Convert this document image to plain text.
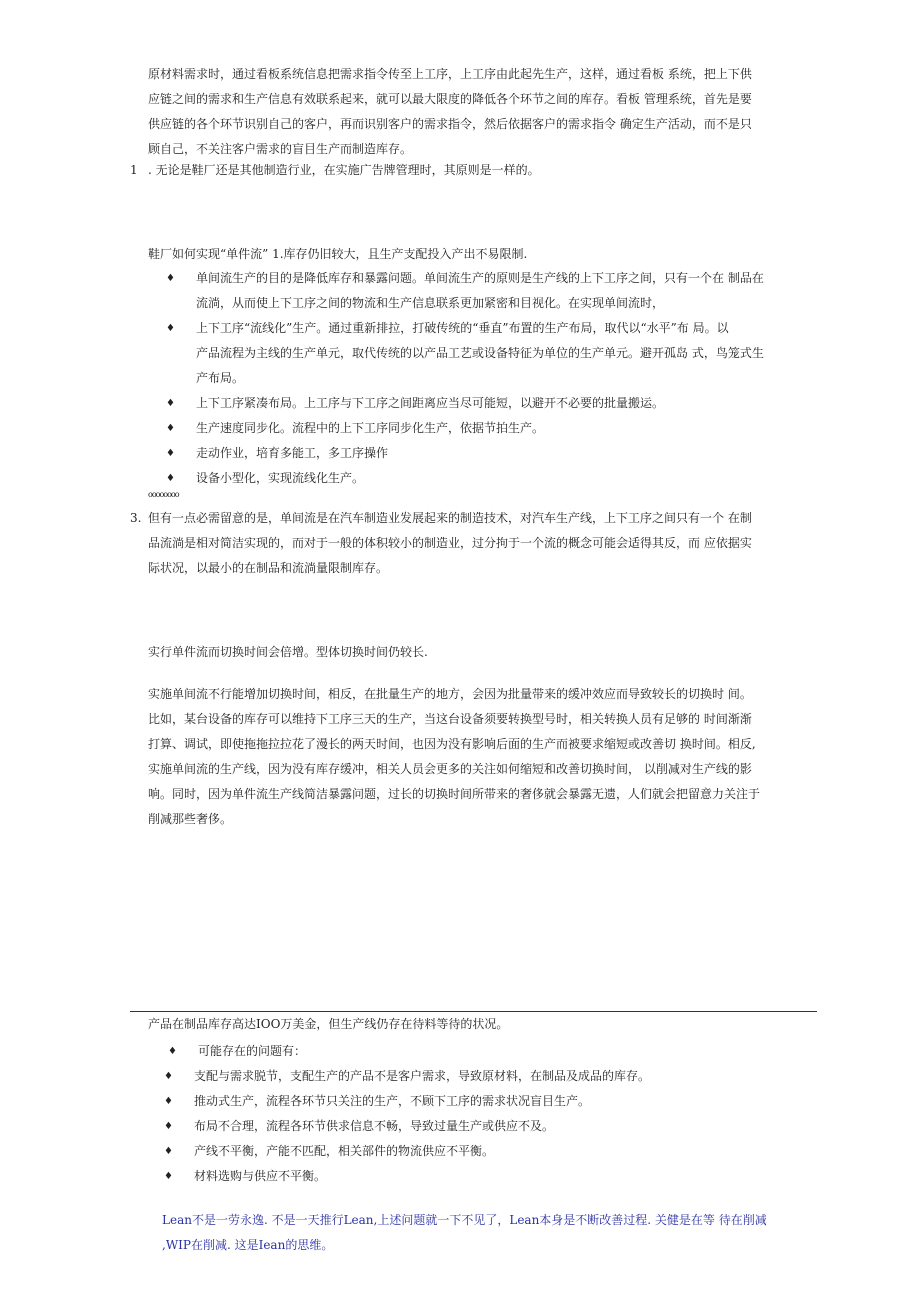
原材料需求时，通过看板系统信息把需求指令传至上工序，上工序由此起先生产，这样，通过看板 系统，把上下供
应链之间的需求和生产信息有效联系起来，就可以最大限度的降低各个环节之间的库存。看板 管理系统，首先是要
供应链的各个环节识别自己的客户，再而识别客户的需求指令，然后依据客户的需求指令 确定生产活动，而不是只
顾自己，不关注客户需求的盲目生产而制造库存。
1 . 无论是鞋厂还是其他制造行业，在实施广告牌管理时，其原则是一样的。
鞋厂如何实现“单件流” 1.库存仍旧较大，且生产支配投入产出不易限制.
♦ 单间流生产的目的是降低库存和暴露问题。单间流生产的原则是生产线的上下工序之间，只有一个在 制品在
流淌，从而使上下工序之间的物流和生产信息联系更加紧密和目视化。在实现单间流时，
♦ 上下工序“流线化”生产。通过重新排拉，打破传统的“垂直”布置的生产布局，取代以“水平”布 局。以
产品流程为主线的生产单元，取代传统的以产品工艺或设备特征为单位的生产单元。避开孤岛 式，鸟笼式生
产布局。
♦ 上下工序紧凑布局。上工序与下工序之间距离应当尽可能短，以避开不必要的批量搬运。
♦ 生产速度同步化。流程中的上下工序同步化生产，依据节拍生产。
♦ 走动作业，培育多能工，多工序操作
♦ 设备小型化，实现流线化生产。
oooooooo
3. 但有一点必需留意的是，单间流是在汽车制造业发展起来的制造技术，对汽车生产线，上下工序之间只有一个 在制
品流淌是相对简洁实现的，而对于一般的体积较小的制造业，过分拘于一个流的概念可能会适得其反，而 应依据实
际状况，以最小的在制品和流淌量限制库存。
实行单件流而切换时间会倍增。型体切换时间仍较长.
实施单间流不行能增加切换时间，相反，在批量生产的地方，会因为批量带来的缓冲效应而导致较长的切换时 间。
比如，某台设备的库存可以维持下工序三天的生产，当这台设备须要转换型号时，相关转换人员有足够的 时间渐渐
打算、调试，即使拖拖拉拉花了漫长的两天时间，也因为没有影响后面的生产而被要求缩短或改善切 换时间。相反,
实施单间流的生产线，因为没有库存缓冲，相关人员会更多的关注如何缩短和改善切换时间， 以削减对生产线的影
响。同时，因为单件流生产线简洁暴露问题，过长的切换时间所带来的奢侈就会暴露无遗，人们就会把留意力关注于
削减那些奢侈。
产品在制品库存高达IOO万美金，但生产线仍存在待料等待的状况。
♦ 可能存在的问题有：
♦ 支配与需求脱节，支配生产的产品不是客户需求，导致原材料，在制品及成品的库存。
♦ 推动式生产，流程各环节只关注的生产，不顾下工序的需求状况盲目生产。
♦ 布局不合理，流程各环节供求信息不畅，导致过量生产或供应不及。
♦ 产线不平衡，产能不匹配，相关部件的物流供应不平衡。
♦ 材料选购与供应不平衡。
Lean不是一劳永逸. 不是一天推行Lean,上述问题就一下不见了，Lean本身是不断改善过程. 关健是在等 待在削减
,WIP在削减. 这是Iean的思维。
